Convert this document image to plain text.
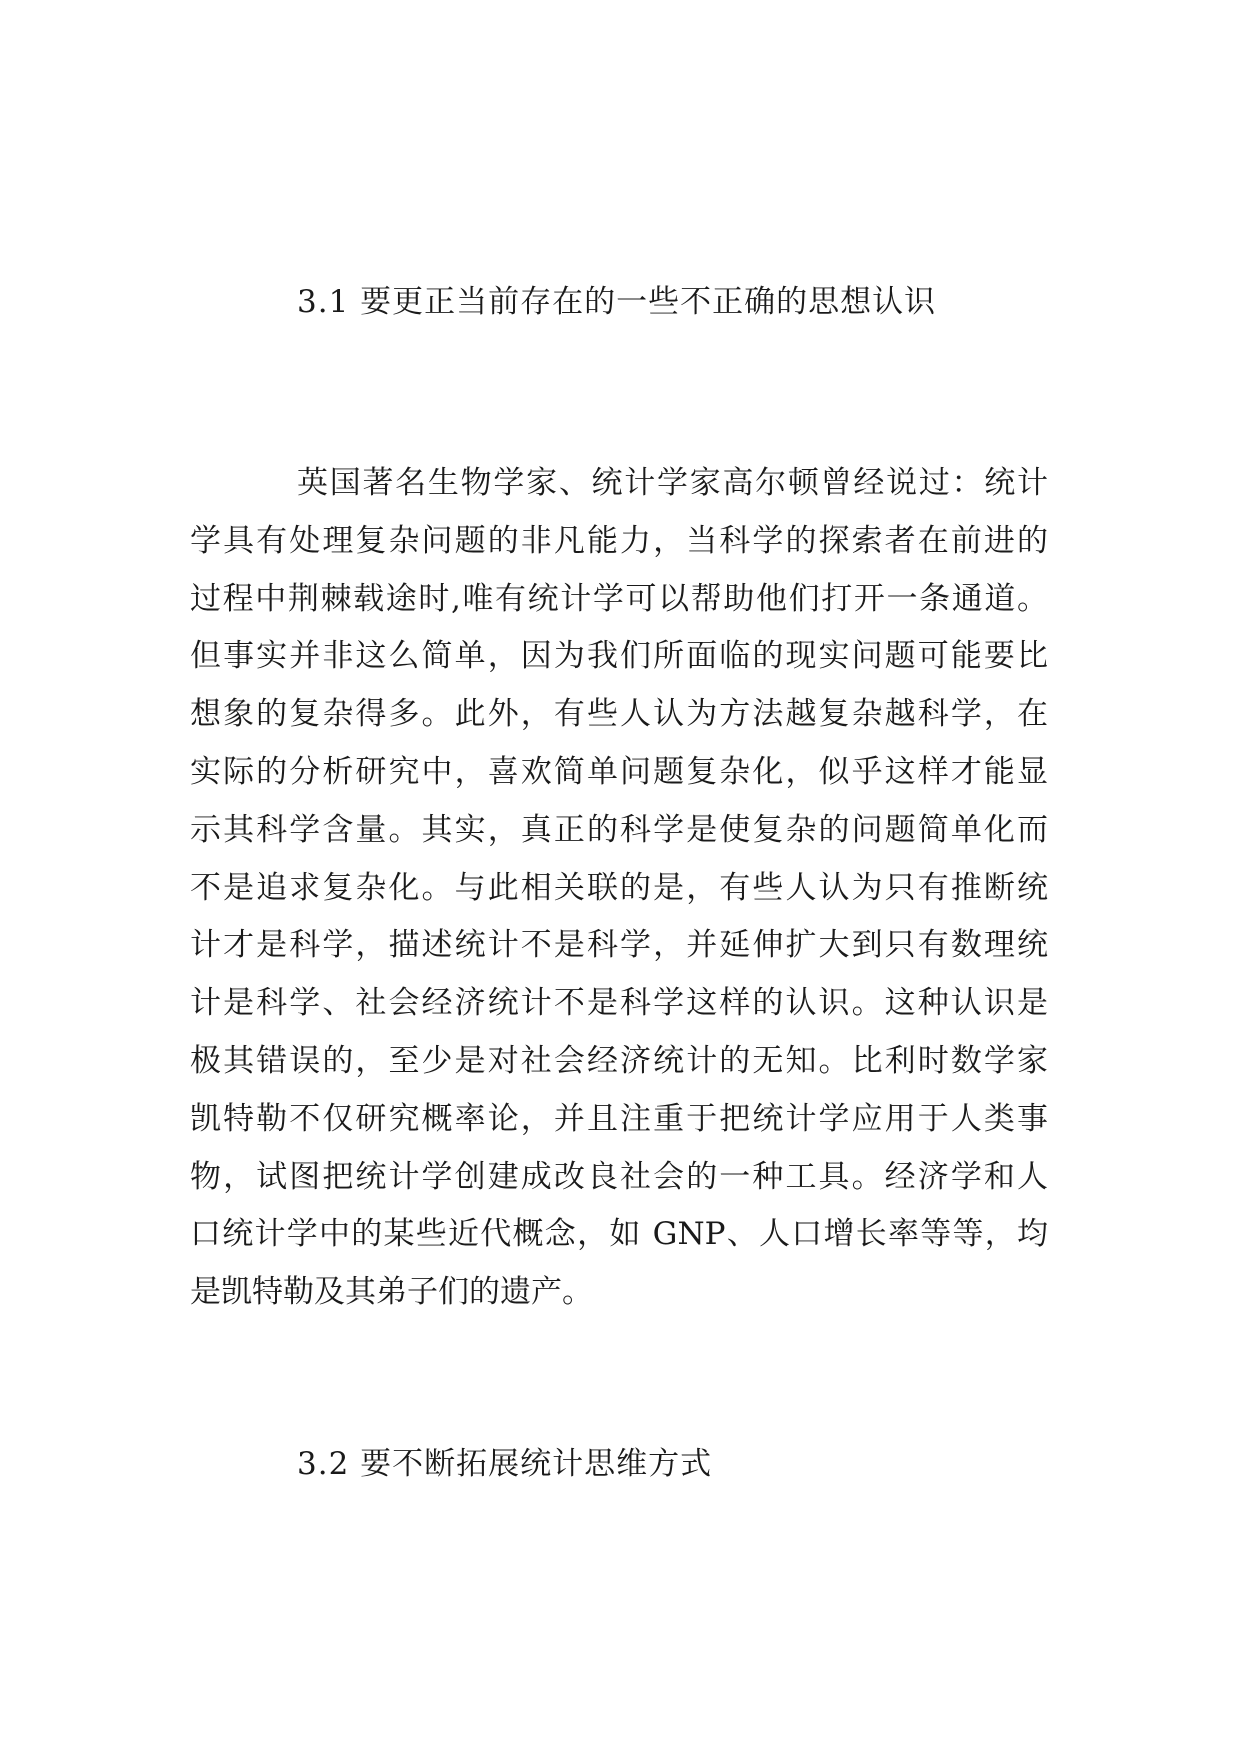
3.1 要更正当前存在的一些不正确的思想认识
英国著名生物学家、统计学家高尔顿曾经说过：统计
学具有处理复杂问题的非凡能力，当科学的探索者在前进的
过程中荆棘载途时,唯有统计学可以帮助他们打开一条通道。
但事实并非这么简单，因为我们所面临的现实问题可能要比
想象的复杂得多。此外，有些人认为方法越复杂越科学，在
实际的分析研究中，喜欢简单问题复杂化，似乎这样才能显
示其科学含量。其实，真正的科学是使复杂的问题简单化而
不是追求复杂化。与此相关联的是，有些人认为只有推断统
计才是科学，描述统计不是科学，并延伸扩大到只有数理统
计是科学、社会经济统计不是科学这样的认识。这种认识是
极其错误的，至少是对社会经济统计的无知。比利时数学家
凯特勒不仅研究概率论，并且注重于把统计学应用于人类事
物，试图把统计学创建成改良社会的一种工具。经济学和人
口统计学中的某些近代概念，如 GNP、人口增长率等等，均
是凯特勒及其弟子们的遗产。
3.2 要不断拓展统计思维方式
